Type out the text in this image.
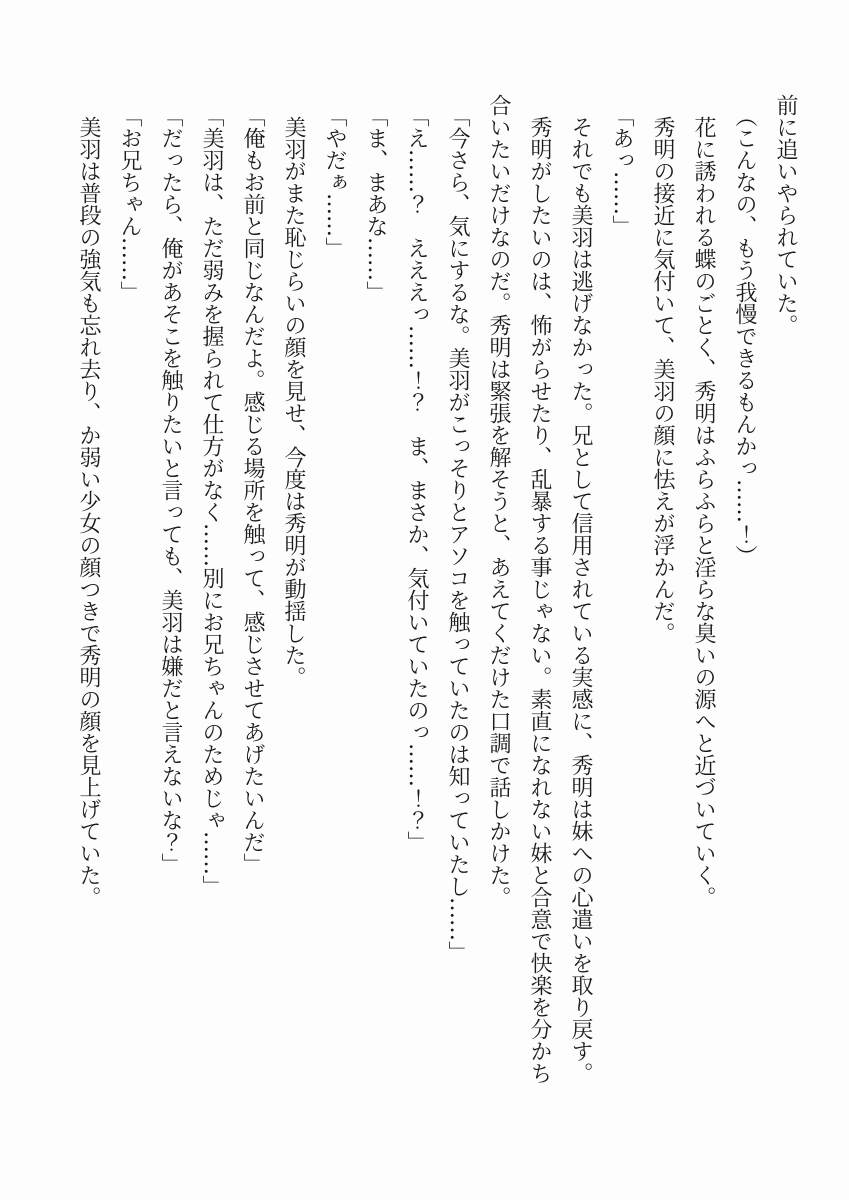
前に追いやられていた。

（こんなの、もう我慢できるもんかっ……！）

花に誘われる蝶のごとく、秀明はふらふらと淫らな臭いの源へと近づいていく。

秀明の接近に気付いて、美羽の顔に怯えが浮かんだ。

「あっ……」

それでも美羽は逃げなかった。兄として信用されている実感に、秀明は妹への心遣いを取り戻す。

秀明がしたいのは、怖がらせたり、乱暴する事じゃない。素直になれない妹と合意で快楽を分かち合いたいだけなのだ。秀明は緊張を解そうと、あえてくだけた口調で話しかけた。

「今さら、気にするな。美羽がこっそりとアソコを触っていたのは知っていたし……」

「え……？　えええっ……！？　ま、まさか、気付いていたのっ……！？」

「ま、まあな……」

「やだぁ……」

美羽がまた恥じらいの顔を見せ、今度は秀明が動揺した。

「俺もお前と同じなんだよ。感じる場所を触って、感じさせてあげたいんだ」

「美羽は、ただ弱みを握られて仕方がなく……別にお兄ちゃんのためじゃ……」

「だったら、俺があそこを触りたいと言っても、美羽は嫌だと言えないな？」

「お兄ちゃん……」

美羽は普段の強気も忘れ去り、か弱い少女の顔つきで秀明の顔を見上げていた。
